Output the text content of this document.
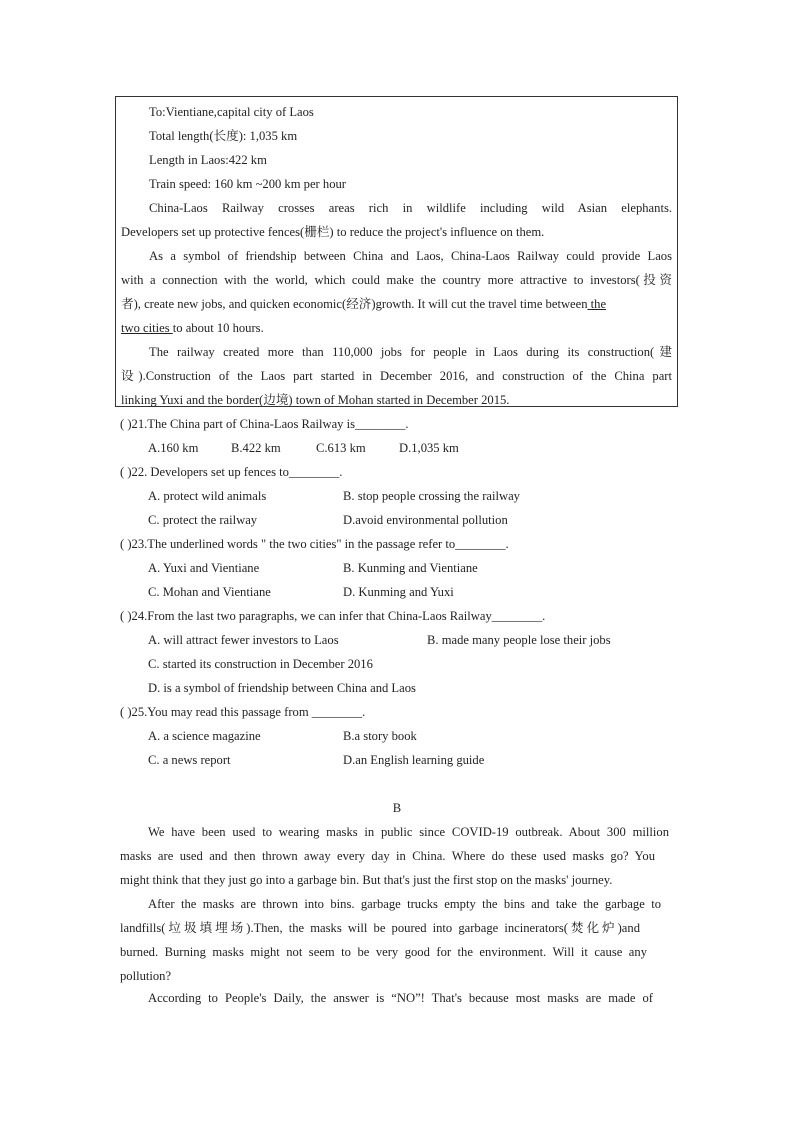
To:Vientiane,capital city of Laos
Total length(长度): 1,035 km
Length in Laos:422 km
Train speed: 160 km ~200 km per hour
China-Laos Railway crosses areas rich in wildlife including wild Asian elephants.
Developers set up protective fences(栅栏) to reduce the project's influence on them.
As a symbol of friendship between China and Laos, China-Laos Railway could provide Laos
with a connection with the world, which could make the country more attractive to investors(投资
者), create new jobs, and quicken economic(经济)growth. It will cut the travel time between the
two cities to about 10 hours.
The railway created more than 110,000 jobs for people in Laos during its construction(建
设).Construction of the Laos part started in December 2016, and construction of the China part
linking Yuxi and the border(边境) town of Mohan started in December 2015.
( )21.The China part of China-Laos Railway is________.
A.160 km	B.422 km	C.613 km	D.1,035 km
( )22. Developers set up fences to________.
A. protect wild animals	B. stop people crossing the railway
C. protect the railway	D.avoid environmental pollution
( )23.The underlined words " the two cities" in the passage refer to________.
A. Yuxi and Vientiane	B. Kunming and Vientiane
C. Mohan and Vientiane	D. Kunming and Yuxi
( )24.From the last two paragraphs, we can infer that China-Laos Railway________.
A. will attract fewer investors to Laos	B. made many people lose their jobs
C. started its construction in December 2016
D. is a symbol of friendship between China and Laos
( )25.You may read this passage from ________.
A. a science magazine	B.a story book
C. a news report	D.an English learning guide
B
We have been used to wearing masks in public since COVID-19 outbreak. About 300 million
masks are used and then thrown away every day in China. Where do these used masks go? You
might think that they just go into a garbage bin. But that's just the first stop on the masks' journey.
After the masks are thrown into bins. garbage trucks empty the bins and take the garbage to
landfills(垃圾填埋场).Then, the masks will be poured into garbage incinerators(焚化炉)and
burned. Burning masks might not seem to be very good for the environment. Will it cause any
pollution?
According to People's Daily, the answer is “NO”! That's because most masks are made of
